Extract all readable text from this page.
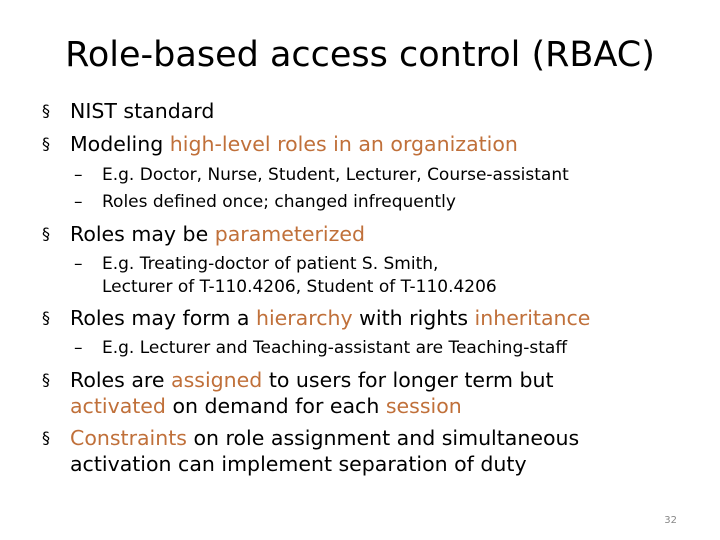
Role-based access control (RBAC)

§ NIST standard

§ Modeling high-level roles in an organization

– E.g. Doctor, Nurse, Student, Lecturer, Course-assistant

– Roles defined once; changed infrequently

§ Roles may be parameterized

– E.g. Treating-doctor of patient S. Smith,
Lecturer of T-110.4206, Student of T-110.4206

§ Roles may form a hierarchy with rights inheritance

– E.g. Lecturer and Teaching-assistant are Teaching-staff

§ Roles are assigned to users for longer term but
activated on demand for each session

§ Constraints on role assignment and simultaneous
activation can implement separation of duty

32
